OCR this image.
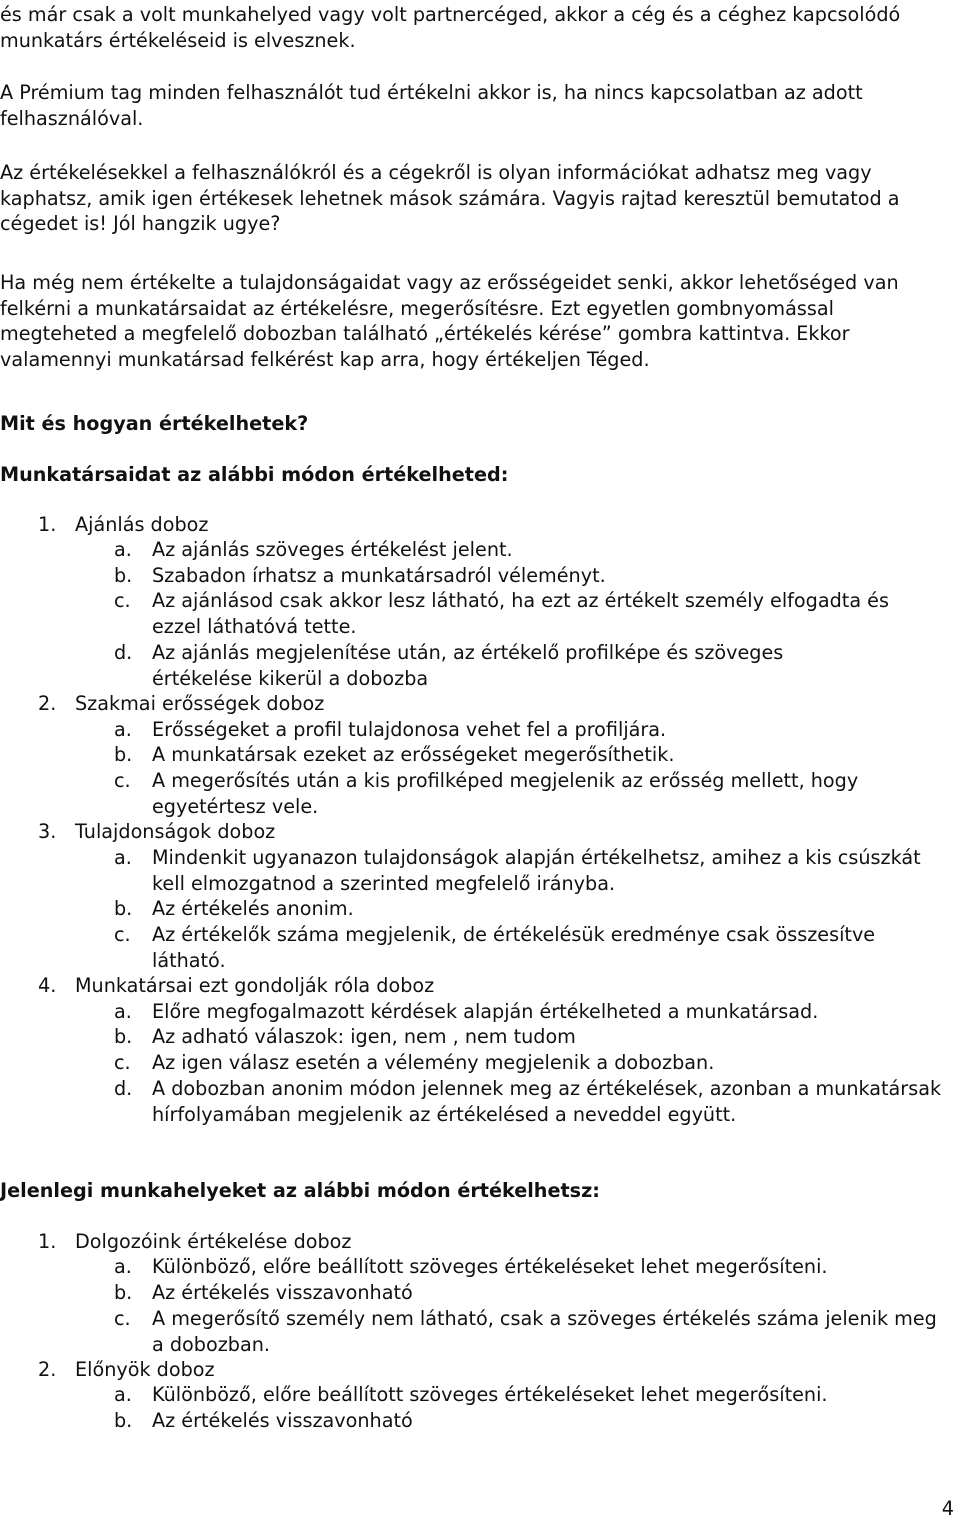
és már csak a volt munkahelyed vagy volt partnercéged, akkor a cég és a céghez kapcsolódó munkatárs értékeléseid is elvesznek.

A Prémium tag minden felhasználót tud értékelni akkor is, ha nincs kapcsolatban az adott felhasználóval.

Az értékelésekkel a felhasználókról és a cégekről is olyan információkat adhatsz meg vagy kaphatsz, amik igen értékesek lehetnek mások számára. Vagyis rajtad keresztül bemutatod a cégedet is! Jól hangzik ugye?

Ha még nem értékelte a tulajdonságaidat vagy az erősségeidet senki, akkor lehetőséged van felkérni a munkatársaidat az értékelésre, megerősítésre. Ezt egyetlen gombnyomással megteheted a megfelelő dobozban található „értékelés kérése” gombra kattintva. Ekkor valamennyi munkatársad felkérést kap arra, hogy értékeljen Téged.

Mit és hogyan értékelhetek?

Munkatársaidat az alábbi módon értékelheted:

1. Ajánlás doboz
a. Az ajánlás szöveges értékelést jelent.
b. Szabadon írhatsz a munkatársadról véleményt.
c. Az ajánlásod csak akkor lesz látható, ha ezt az értékelt személy elfogadta és ezzel láthatóvá tette.

d. Az ajánlás megjelenítése után, az értékelő profilképe és szöveges értékelése kikerül a dobozba

2. Szakmai erősségek doboz
a. Erősségeket a profil tulajdonosa vehet fel a profiljára.
b. A munkatársak ezeket az erősségeket megerősíthetik.
c. A megerősítés után a kis profilképed megjelenik az erősség mellett, hogy egyetértesz vele.

3. Tulajdonságok doboz
a. Mindenkit ugyanazon tulajdonságok alapján értékelhetsz, amihez a kis csúszkát kell elmozgatnod a szerinted megfelelő irányba.

b. Az értékelés anonim.
c. Az értékelők száma megjelenik, de értékelésük eredménye csak összesítve látható.

4. Munkatársai ezt gondolják róla doboz
a. Előre megfogalmazott kérdések alapján értékelheted a munkatársad.
b. Az adható válaszok: igen, nem , nem tudom
c. Az igen válasz esetén a vélemény megjelenik a dobozban.
d. A dobozban anonim módon jelennek meg az értékelések, azonban a munkatársak hírfolyamában megjelenik az értékelésed a neveddel együtt.

Jelenlegi munkahelyeket az alábbi módon értékelhetsz:

1. Dolgozóink értékelése doboz
a. Különböző, előre beállított szöveges értékeléseket lehet megerősíteni.
b. Az értékelés visszavonható
c. A megerősítő személy nem látható, csak a szöveges értékelés száma jelenik meg a dobozban.

2. Előnyök doboz
a. Különböző, előre beállított szöveges értékeléseket lehet megerősíteni.
b. Az értékelés visszavonható
4
